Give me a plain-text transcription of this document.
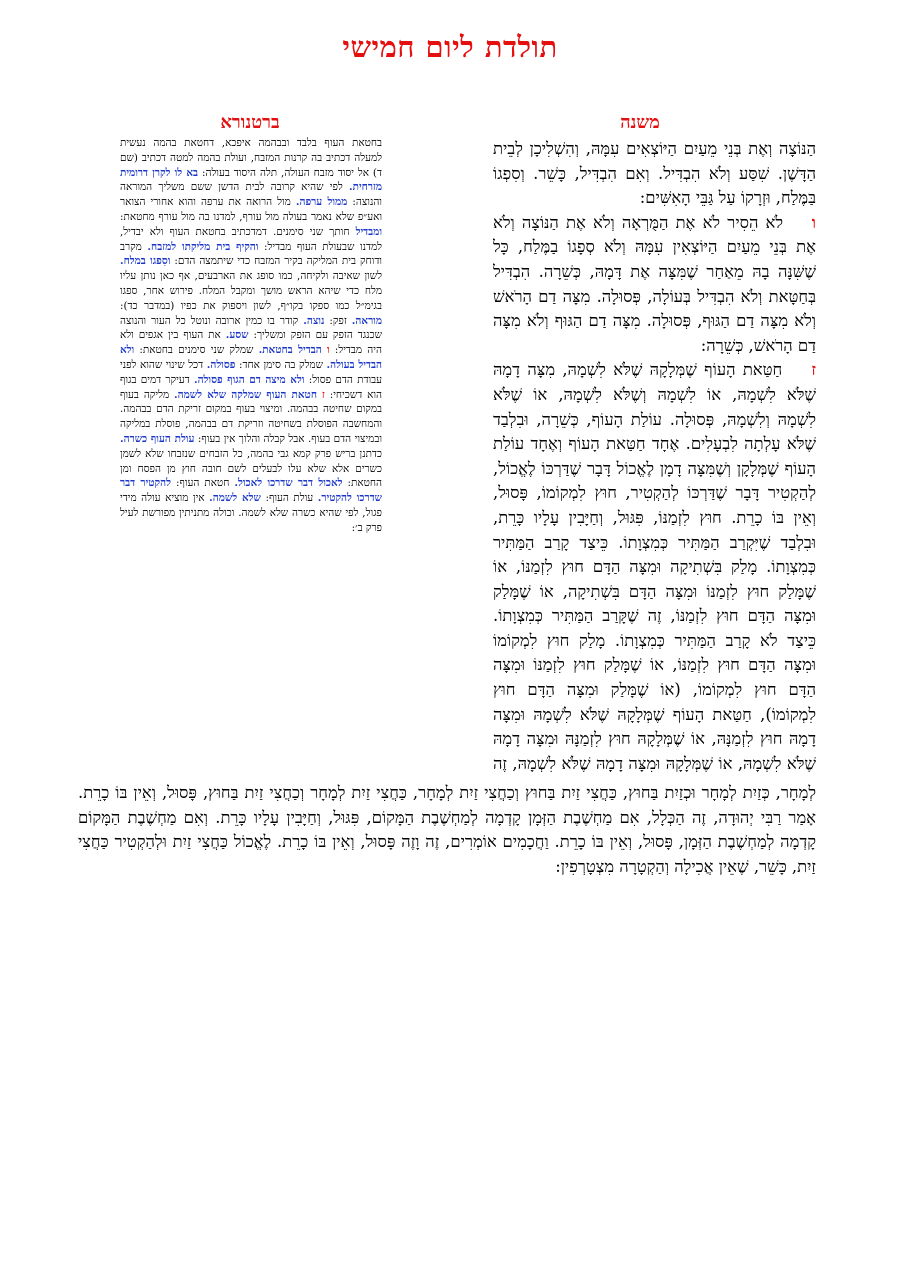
תולדת ליום חמישי
משנה
ברטנורא

הַנּוֹצָה וְאֶת בְּנֵי מֵעַיִם הַיּוֹצְאִים עִמָּהּ, וְהִשְׁלִיכָן לְבֵית הַדָּשֶׁן. שִׁסַּע וְלֹא הִבְדִּיל. וְאִם הִבְדִּיל, כָּשֵׁר. וְסִפְגוֹ בַּמֶּלַח, וּזְרָקוֹ עַל גַּבֵּי הָאִשִּׁים:

ו    לֹא הֵסִיר לֹא אֶת הַמֻּרְאָה וְלֹא אֶת הַנּוֹצָה וְלֹא אֶת בְּנֵי מֵעַיִם הַיּוֹצְאִין עִמָּהּ וְלֹא סְפָגוֹ בַמֶּלַח, כָּל שֶׁשִּׁנָּה בָהּ מֵאַחַר שֶׁמִּצָּה אֶת דָּמָהּ, כְּשֵׁרָה. הִבְדִּיל בְּחַטָּאת וְלֹא הִבְדִּיל בְּעוֹלָה, פְּסוּלָה. מִצָּה דַם הָרֹאשׁ וְלֹא מִצָּה דַם הַגּוּף, פְּסוּלָה. מִצָּה דַם הַגּוּף וְלֹא מִצָּה דַם הָרֹאשׁ, כְּשֵׁרָה:

ז    חַטַּאת הָעוֹף שֶׁמְּלָקָהּ שֶׁלֹּא לִשְׁמָהּ, מִצָּה דָמָהּ שֶׁלֹּא לִשְׁמָהּ, אוֹ לִשְׁמָהּ וְשֶׁלֹּא לִשְׁמָהּ, אוֹ שֶׁלֹּא לִשְׁמָהּ וְלִשְׁמָהּ, פְּסוּלָה. עוֹלַת הָעוֹף, כְּשֵׁרָה, וּבִלְבַד שֶׁלֹּא עָלְתָה לִבְעָלִים. אֶחָד חַטַּאת הָעוֹף וְאֶחָד עוֹלַת הָעוֹף שֶׁמְּלָקָן וְשֶׁמִּצָּה דָמָן לֶאֱכוֹל דָּבָר שֶׁדַּרְכּוֹ לֶאֱכוֹל, לְהַקְטִיר דָּבָר שֶׁדַּרְכּוֹ לְהַקְטִיר, חוּץ לִמְקוֹמוֹ, פָּסוּל, וְאֵין בּוֹ כָרֵת. חוּץ לִזְמַנּוֹ, פִּגּוּל, וְחַיָּבִין עָלָיו כָּרֵת, וּבִלְבַד שֶׁיִּקְרַב הַמַּתִּיר כְּמִצְוָתוֹ. כֵּיצַד קָרַב הַמַּתִּיר כְּמִצְוָתוֹ. מָלַק בִּשְׁתִיקָה וּמִצָּה הַדָּם חוּץ לִזְמַנּוֹ, אוֹ שֶׁמָּלַק חוּץ לִזְמַנּוֹ וּמִצָּה הַדָּם בִּשְׁתִיקָה, אוֹ שֶׁמָּלַק וּמִצָּה הַדָּם חוּץ לִזְמַנּוֹ, זֶה שֶׁקָּרַב הַמַּתִּיר כְּמִצְוָתוֹ. כֵּיצַד לֹא קָרַב הַמַּתִּיר כְּמִצְוָתוֹ. מָלַק חוּץ לִמְקוֹמוֹ וּמִצָּה הַדָּם חוּץ לִזְמַנּוֹ, אוֹ שֶׁמָּלַק חוּץ לִזְמַנּוֹ וּמִצָּה הַדָּם חוּץ לִמְקוֹמוֹ, (אוֹ שֶׁמָּלַק וּמִצָּה הַדָּם חוּץ לִמְקוֹמוֹ), חַטַּאת הָעוֹף שֶׁמְּלָקָהּ שֶׁלֹּא לִשְׁמָהּ וּמִצָּה דָמָהּ חוּץ לִזְמַנָּהּ, אוֹ שֶׁמְּלָקָהּ חוּץ לִזְמַנָּהּ וּמִצָּה דָמָהּ שֶׁלֹּא לִשְׁמָהּ, אוֹ שֶׁמְּלָקָהּ וּמִצָּה דָמָהּ שֶׁלֹּא לִשְׁמָהּ, זֶה

לְמָחָר, כְּזַיִת לְמָחָר וּכְזַיִת בַּחוּץ, כַּחֲצִי זַיִת בַּחוּץ וְכַחֲצִי זַיִת לְמָחָר, כַּחֲצִי זַיִת לְמָחָר וְכַחֲצִי זַיִת בַּחוּץ, פָּסוּל, וְאֵין בּוֹ כָרֵת. אָמַר רַבִּי יְהוּדָה, זֶה הַכְּלָל, אִם מַחְשֶׁבֶת הַזְּמָן קָדְמָה לְמַחְשֶׁבֶת הַמָּקוֹם, פִּגּוּל, וְחַיָּבִין עָלָיו כָּרֵת. וְאִם מַחְשֶׁבֶת הַמָּקוֹם קָדְמָה לְמַחְשֶׁבֶת הַזְּמָן, פָּסוּל, וְאֵין בּוֹ כָרֵת. וַחֲכָמִים אוֹמְרִים, זֶה וָזֶה פָּסוּל, וְאֵין בּוֹ כָרֵת. לֶאֱכוֹל כַּחֲצִי זַיִת וּלְהַקְטִיר כַּחֲצִי זַיִת, כָּשֵׁר, שֶׁאֵין אֲכִילָה וְהַקְטָרָה מִצְטָרְפִין:

בחטאת העוף בלבד ובבהמה איפכא, דחטאת בהמה נעשית למעלה דכתיב בה קרנות המזבח, ועולת בהמה למטה דכתיב (שם ד) אל יסוד מזבח העולה, תלה היסוד בעולה: בא לו לקרן דרומית מזרחית. לפי שהיא קרובה לבית הדשן ששם משליך המוראה והנוצה: ממול ערפה. מול הרואה את ערפה והוא אחורי הצואר ואע״פ שלא נאמר בעולה מול עורף, למדנו בה מול עורף מחטאת: ומבדיל חותך שני סימנים. דמדכתיב בחטאת העוף ולא יבדיל, למדנו שבעולת העוף מבדיל: והקיף בית מליקתו למזבח. מקרב ודוחק בית המליקה בקיר המזבח כדי שיתמצה הדם: וסִפגו במלח. לשון שאיבה ולקיחה, כמו סופג את הארבעים, אף כאן נותן עליו מלח כדי שיהא הראש מושך ומקבל המלח. פירוש אחר, ספגו בגימ״ל כמו ספקו בקו״ף, לשון ויספוק את כפיו (במדבר כד): מוראה. זפק: נוצה. קודר בו כמין ארובה ונוטל כל העור והנוצה שכנגד הזפק עם הזפק ומשליך: שסע. את העוף בין אגפים ולא היה מבדיל: ו הבדיל בחטאת. שמלק שני סימנים בחטאת: ולא הבדיל בעולה. שמלק בה סימן אחד: פסולה. דכל שינוי שהוא לפני עבודת הדם פסול: ולא מיצה דם הגוף פסולה. דעיקר דמים בגוף הוא דשכיחי: ז חטאת העוף שמלקה שלא לשמה. מליקה בעוף במקום שחיטה בבהמה. ומיצוי בעוף במקום זריקת הדם בבהמה. והמחשבה הפוסלת בשחיטה וזריקת דם בבהמה, פוסלת במליקה ובמיצוי הדם בעוף. אבל קבלה והלוך אין בעוף: עולת העוף כשרה. כדתנן בריש פרק קמא גבי בהמה, כל הזבחים שנזבחו שלא לשמן כשרים אלא שלא עלו לבעלים לשם חובה חוץ מן הפסח ומן החטאת: לאכול דבר שדרכו לאכול. חטאת העוף: להקטיר דבר שדרכו להקטיר. עולת העוף: שלא לשמה. אין מוציא עולה מידי פגול, לפי שהיא כשרה שלא לשמה. וכולה מתניתין מפורשת לעיל פרק ב׳:
